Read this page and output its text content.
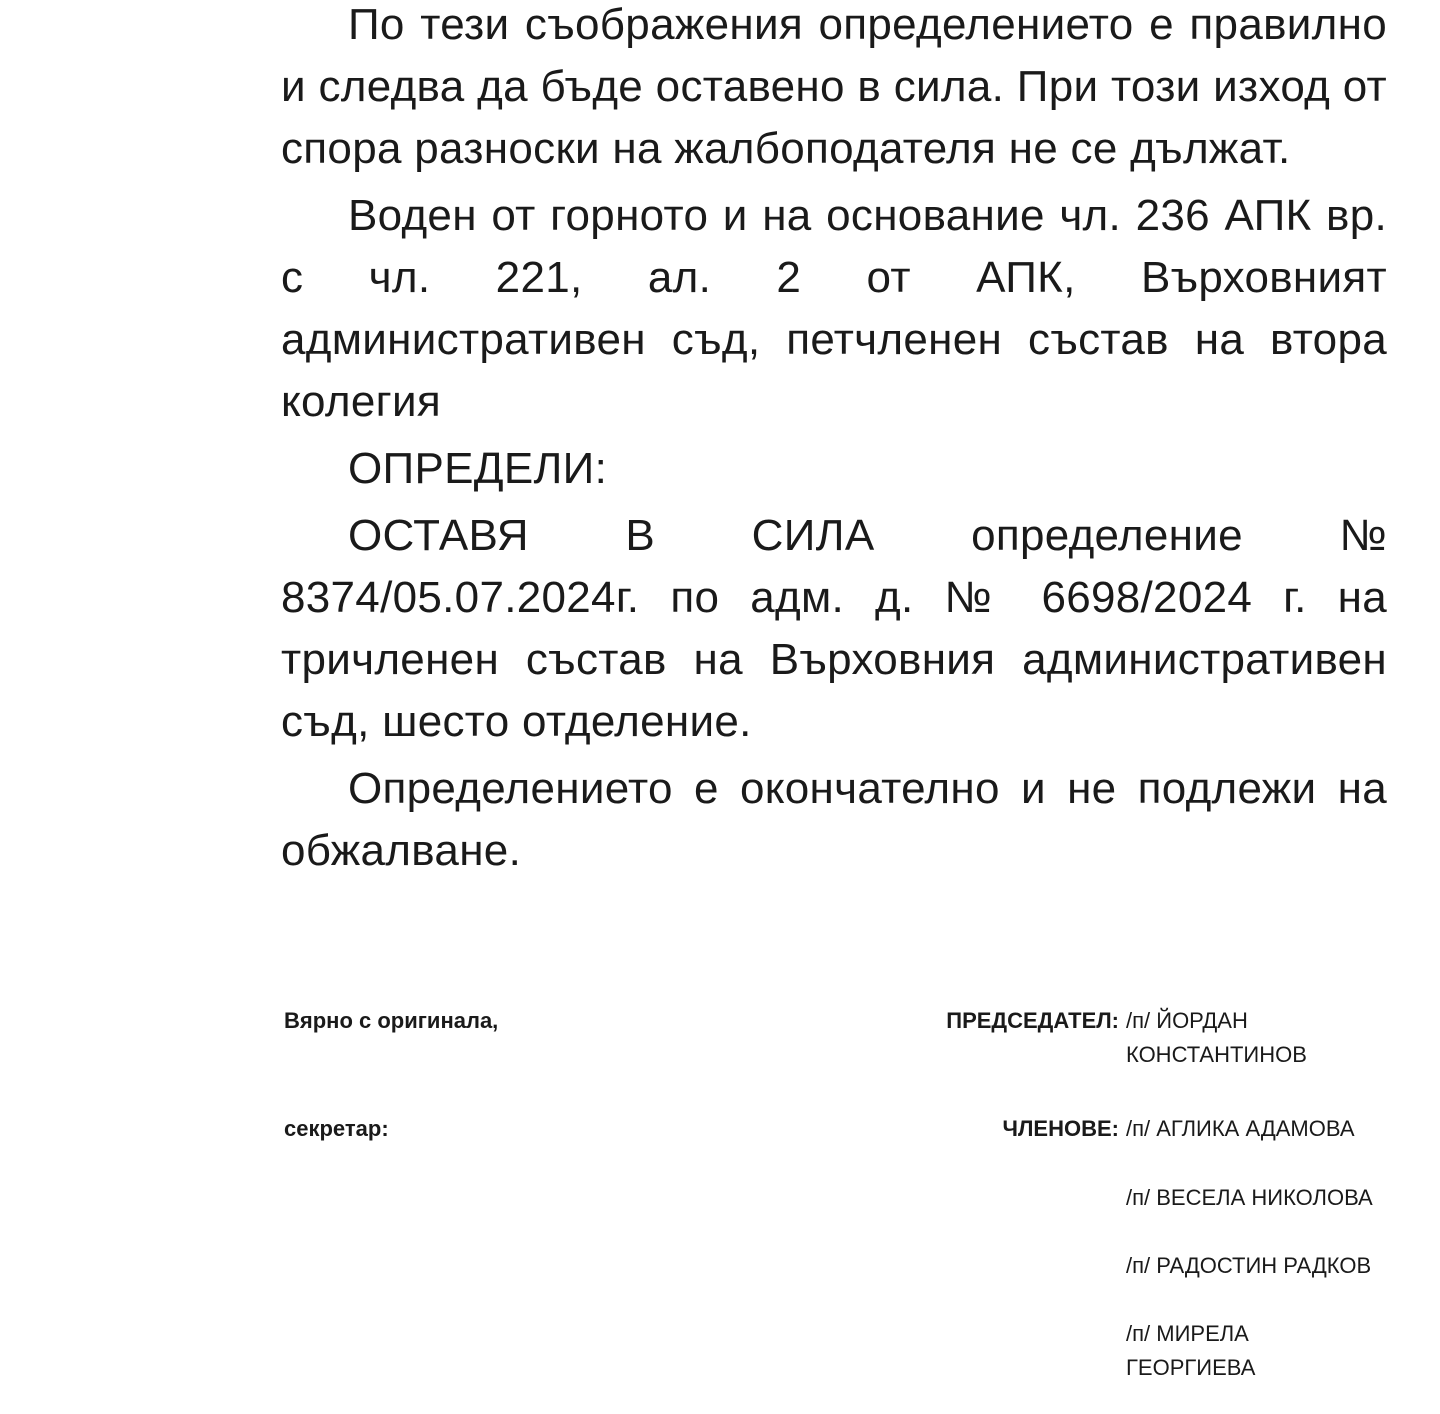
По тези съображения определението е правилно и следва да бъде оставено в сила. При този изход от спора разноски на жалбоподателя не се дължат.

Воден от горното и на основание чл. 236 АПК вр. с чл. 221, ал. 2 от АПК, Върховният административен съд, петчленен състав на втора колегия

ОПРЕДЕЛИ:

ОСТАВЯ В СИЛА определение № 8374/05.07.2024г. по адм. д. № 6698/2024 г. на тричленен състав на Върховния административен съд, шесто отделение.

Определението е окончателно и не подлежи на обжалване.

Вярно с оригинала,
секретар:
ПРЕДСЕДАТЕЛ: /п/ ЙОРДАН
КОНСТАНТИНОВ
ЧЛЕНОВЕ: /п/ АГЛИКА АДАМОВА
/п/ ВЕСЕЛА НИКОЛОВА
/п/ РАДОСТИН РАДКОВ
/п/ МИРЕЛА
ГЕОРГИЕВА
